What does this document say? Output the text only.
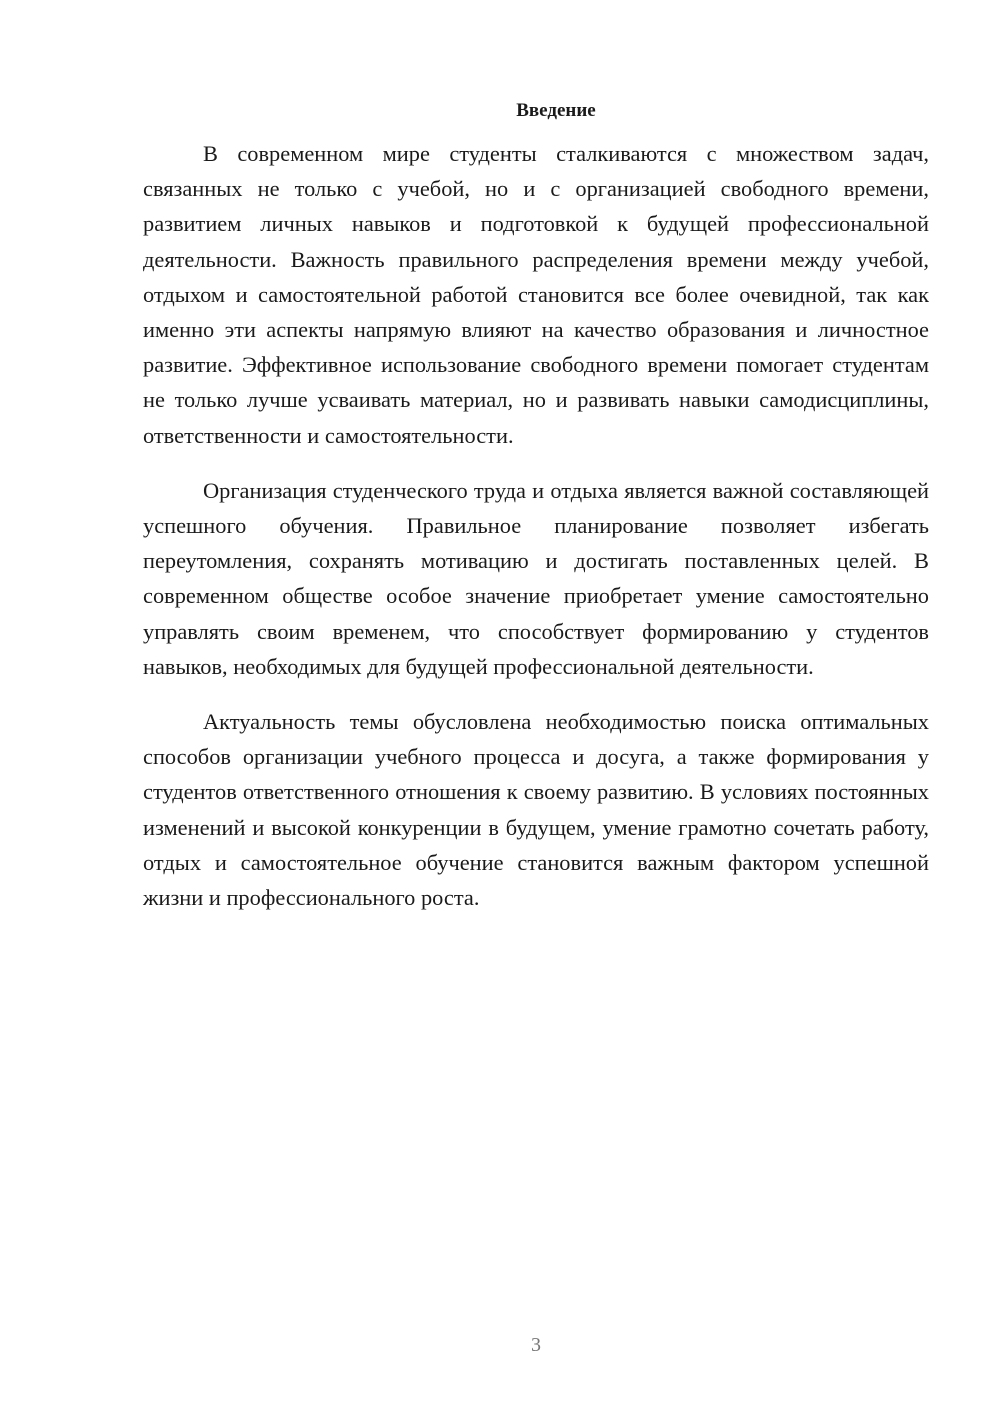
Введение

В современном мире студенты сталкиваются с множеством задач, связанных не только с учебой, но и с организацией свободного времени, развитием личных навыков и подготовкой к будущей профессиональной деятельности. Важность правильного распределения времени между учебой, отдыхом и самостоятельной работой становится все более очевидной, так как именно эти аспекты напрямую влияют на качество образования и личностное развитие. Эффективное использование свободного времени помогает студентам не только лучше усваивать материал, но и развивать навыки самодисциплины, ответственности и самостоятельности.

Организация студенческого труда и отдыха является важной составляющей успешного обучения. Правильное планирование позволяет избегать переутомления, сохранять мотивацию и достигать поставленных целей. В современном обществе особое значение приобретает умение самостоятельно управлять своим временем, что способствует формированию у студентов навыков, необходимых для будущей профессиональной деятельности.

Актуальность темы обусловлена необходимостью поиска оптимальных способов организации учебного процесса и досуга, а также формирования у студентов ответственного отношения к своему развитию. В условиях постоянных изменений и высокой конкуренции в будущем, умение грамотно сочетать работу, отдых и самостоятельное обучение становится важным фактором успешной жизни и профессионального роста.

3
